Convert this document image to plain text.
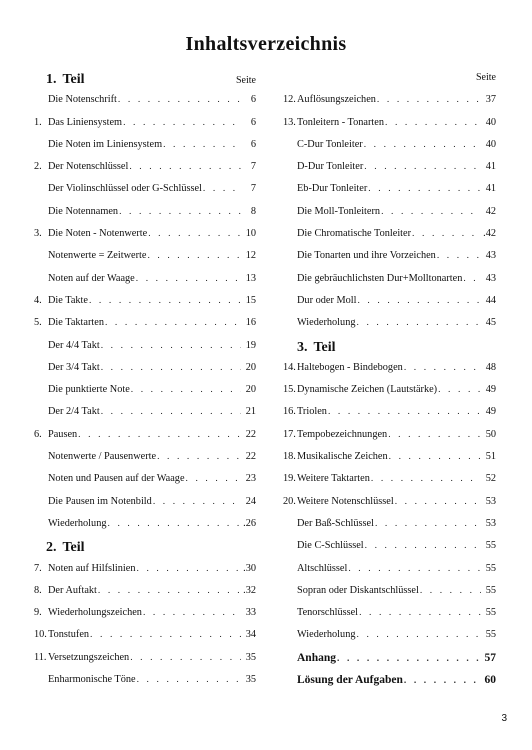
Inhaltsverzeichnis
1. Teil	Seite
Die Notenschrift . . .	6
1. Das Liniensystem . . .	6
Die Noten im Liniensystem . . .	6
2. Der Notenschlüssel . . .	7
Der Violinschlüssel oder G-Schlüssel . . .	7
Die Notennamen . . .	8
3. Die Noten - Notenwerte . . .	10
Notenwerte = Zeitwerte . . .	12
Noten auf der Waage . . .	13
4. Die Takte . . .	15
5. Die Taktarten . . .	16
Der 4/4 Takt . . .	19
Der 3/4 Takt . . .	20
Die punktierte Note . . .	20
Der 2/4 Takt . . .	21
6. Pausen . . .	22
Notenwerte / Pausenwerte . . .	22
Noten und Pausen auf der Waage . . .	23
Die Pausen im Notenbild . . .	24
Wiederholung . . .	.26
2. Teil
7. Noten auf Hilfslinien . . .	.30
8. Der Auftakt . . .	.32
9. Wiederholungszeichen . . .	33
10. Tonstufen . . .	34
11. Versetzungszeichen . . .	35
Enharmonische Töne . . .	35
Seite
12. Auflösungszeichen . . .	37
13. Tonleitern - Tonarten . . .	40
C-Dur Tonleiter . . .	40
D-Dur Tonleiter . . .	41
Eb-Dur Tonleiter . . .	41
Die Moll-Tonleitern . . .	42
Die Chromatische Tonleiter . . .	.42
Die Tonarten und ihre Vorzeichen . . .	43
Die gebräuchlichsten Dur+Molltonarten . . .	43
Dur oder Moll . . .	44
Wiederholung . . .	45
3. Teil
14. Haltebogen - Bindebogen . . .	48
15. Dynamische Zeichen (Lautstärke) . . .	49
16. Triolen . . .	49
17. Tempobezeichnungen . . .	50
18. Musikalische Zeichen . . .	51
19. Weitere Taktarten . . .	52
20. Weitere Notenschlüssel . . .	53
Der Baß-Schlüssel . . .	53
Die C-Schlüssel . . .	55
Altschlüssel . . .	55
Sopran oder Diskantschlüssel . . .	55
Tenorschlüssel . . .	55
Wiederholung . . .	55
Anhang . . .	57
Lösung der Aufgaben . . .	60
3
